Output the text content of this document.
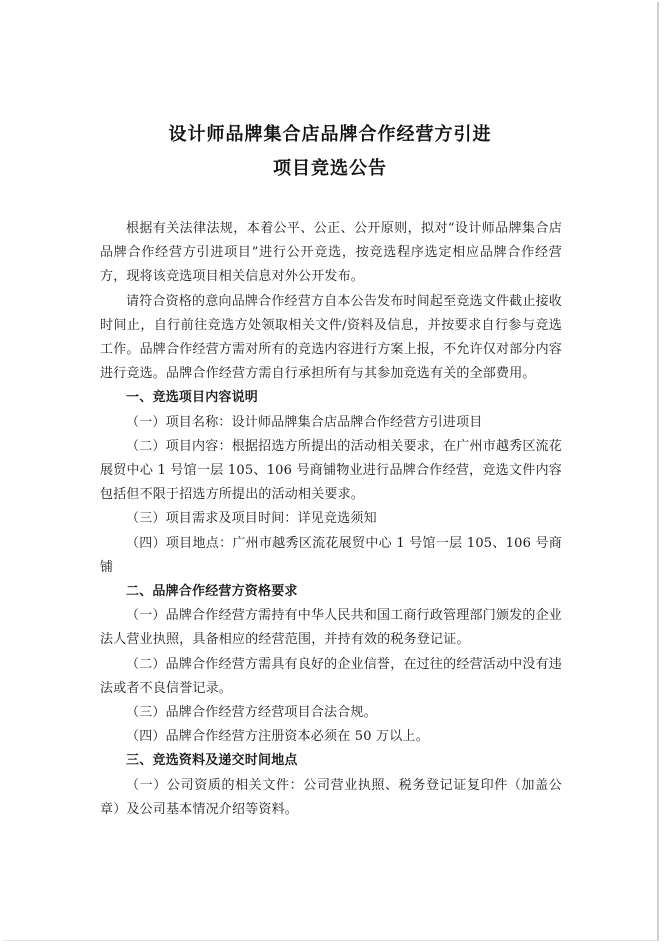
设计师品牌集合店品牌合作经营方引进
项目竞选公告

根据有关法律法规，本着公平、公正、公开原则，拟对“设计师品牌集合店品牌合作经营方引进项目”进行公开竞选，按竞选程序选定相应品牌合作经营方，现将该竞选项目相关信息对外公开发布。

请符合资格的意向品牌合作经营方自本公告发布时间起至竞选文件截止接收时间止，自行前往竞选方处领取相关文件/资料及信息，并按要求自行参与竞选工作。品牌合作经营方需对所有的竞选内容进行方案上报，不允许仅对部分内容进行竞选。品牌合作经营方需自行承担所有与其参加竞选有关的全部费用。

一、竞选项目内容说明

（一）项目名称：设计师品牌集合店品牌合作经营方引进项目

（二）项目内容：根据招选方所提出的活动相关要求，在广州市越秀区流花展贸中心 1 号馆一层 105、106 号商铺物业进行品牌合作经营，竞选文件内容包括但不限于招选方所提出的活动相关要求。

（三）项目需求及项目时间：详见竞选须知

（四）项目地点：广州市越秀区流花展贸中心 1 号馆一层 105、106 号商铺

二、品牌合作经营方资格要求

（一）品牌合作经营方需持有中华人民共和国工商行政管理部门颁发的企业法人营业执照，具备相应的经营范围，并持有效的税务登记证。

（二）品牌合作经营方需具有良好的企业信誉，在过往的经营活动中没有违法或者不良信誉记录。

（三）品牌合作经营方经营项目合法合规。

（四）品牌合作经营方注册资本必须在 50 万以上。

三、竞选资料及递交时间地点

（一）公司资质的相关文件：公司营业执照、税务登记证复印件（加盖公章）及公司基本情况介绍等资料。
